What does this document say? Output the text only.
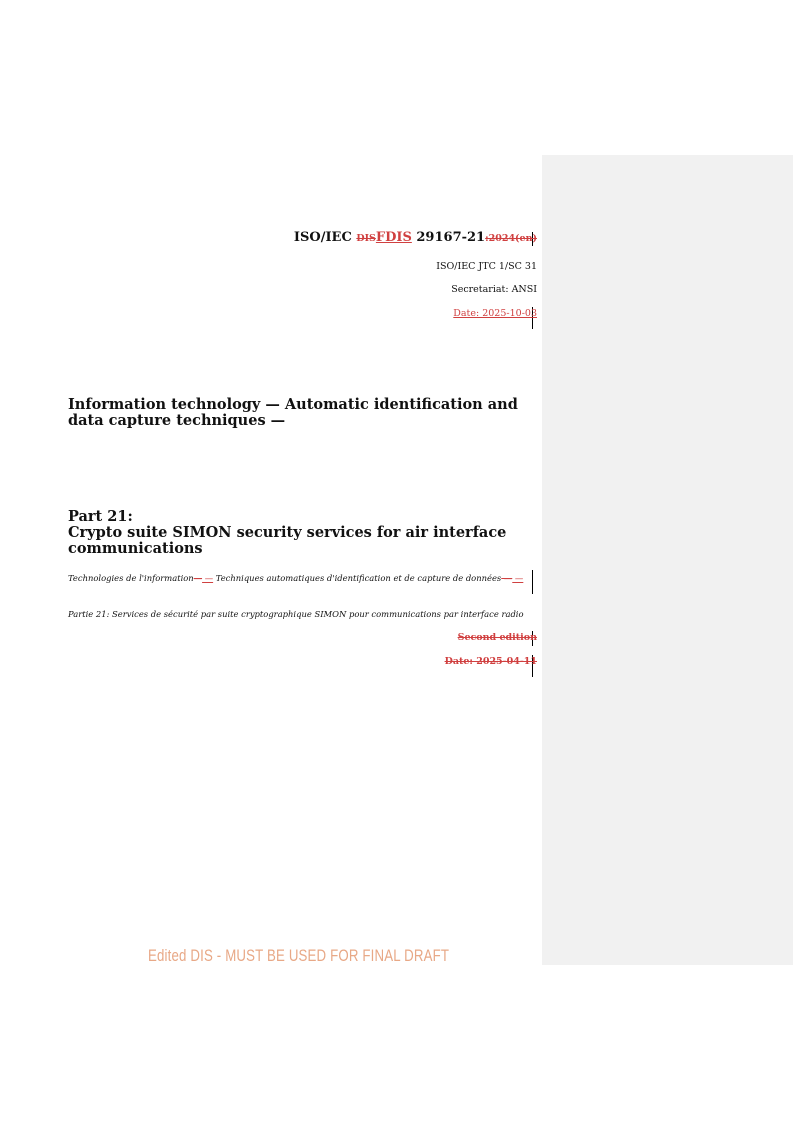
ISO/IEC DISFDIS 29167-21:2024(en)
ISO/IEC JTC 1/SC 31
Secretariat: ANSI
Date: 2025-10-03
Information technology — Automatic identification and data capture techniques —
Part 21:
Crypto suite SIMON security services for air interface communications
Technologies de l'information— — Techniques automatiques d'identification et de capture de données — —
Partie 21: Services de sécurité par suite cryptographique SIMON pour communications par interface radio
Second edition
Date: 2025-04-11
Edited DIS - MUST BE USED FOR FINAL DRAFT
